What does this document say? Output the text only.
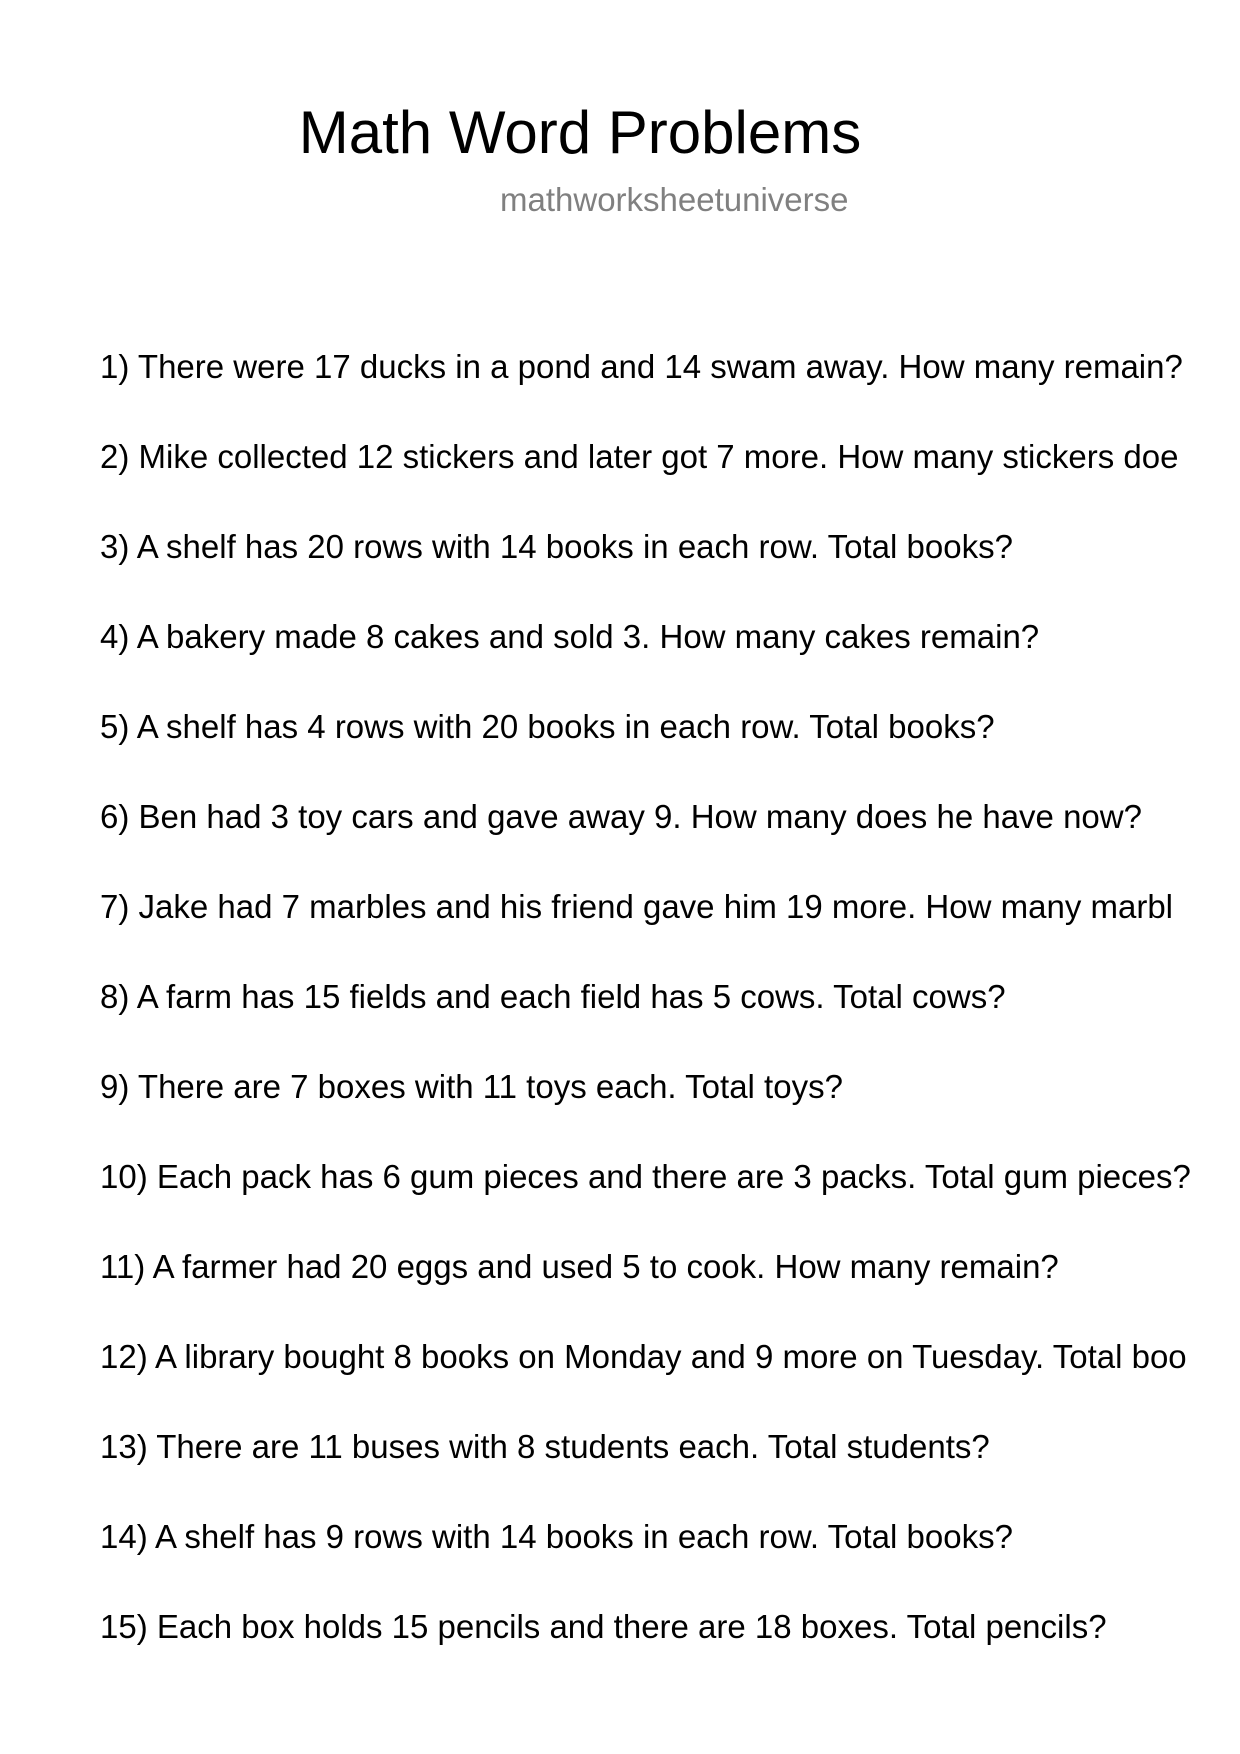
Math Word Problems
mathworksheetuniverse
1) There were 17 ducks in a pond and 14 swam away. How many remain?
2) Mike collected 12 stickers and later got 7 more. How many stickers doe
3) A shelf has 20 rows with 14 books in each row. Total books?
4) A bakery made 8 cakes and sold 3. How many cakes remain?
5) A shelf has 4 rows with 20 books in each row. Total books?
6) Ben had 3 toy cars and gave away 9. How many does he have now?
7) Jake had 7 marbles and his friend gave him 19 more. How many marbl
8) A farm has 15 fields and each field has 5 cows. Total cows?
9) There are 7 boxes with 11 toys each. Total toys?
10) Each pack has 6 gum pieces and there are 3 packs. Total gum pieces?
11) A farmer had 20 eggs and used 5 to cook. How many remain?
12) A library bought 8 books on Monday and 9 more on Tuesday. Total boo
13) There are 11 buses with 8 students each. Total students?
14) A shelf has 9 rows with 14 books in each row. Total books?
15) Each box holds 15 pencils and there are 18 boxes. Total pencils?
